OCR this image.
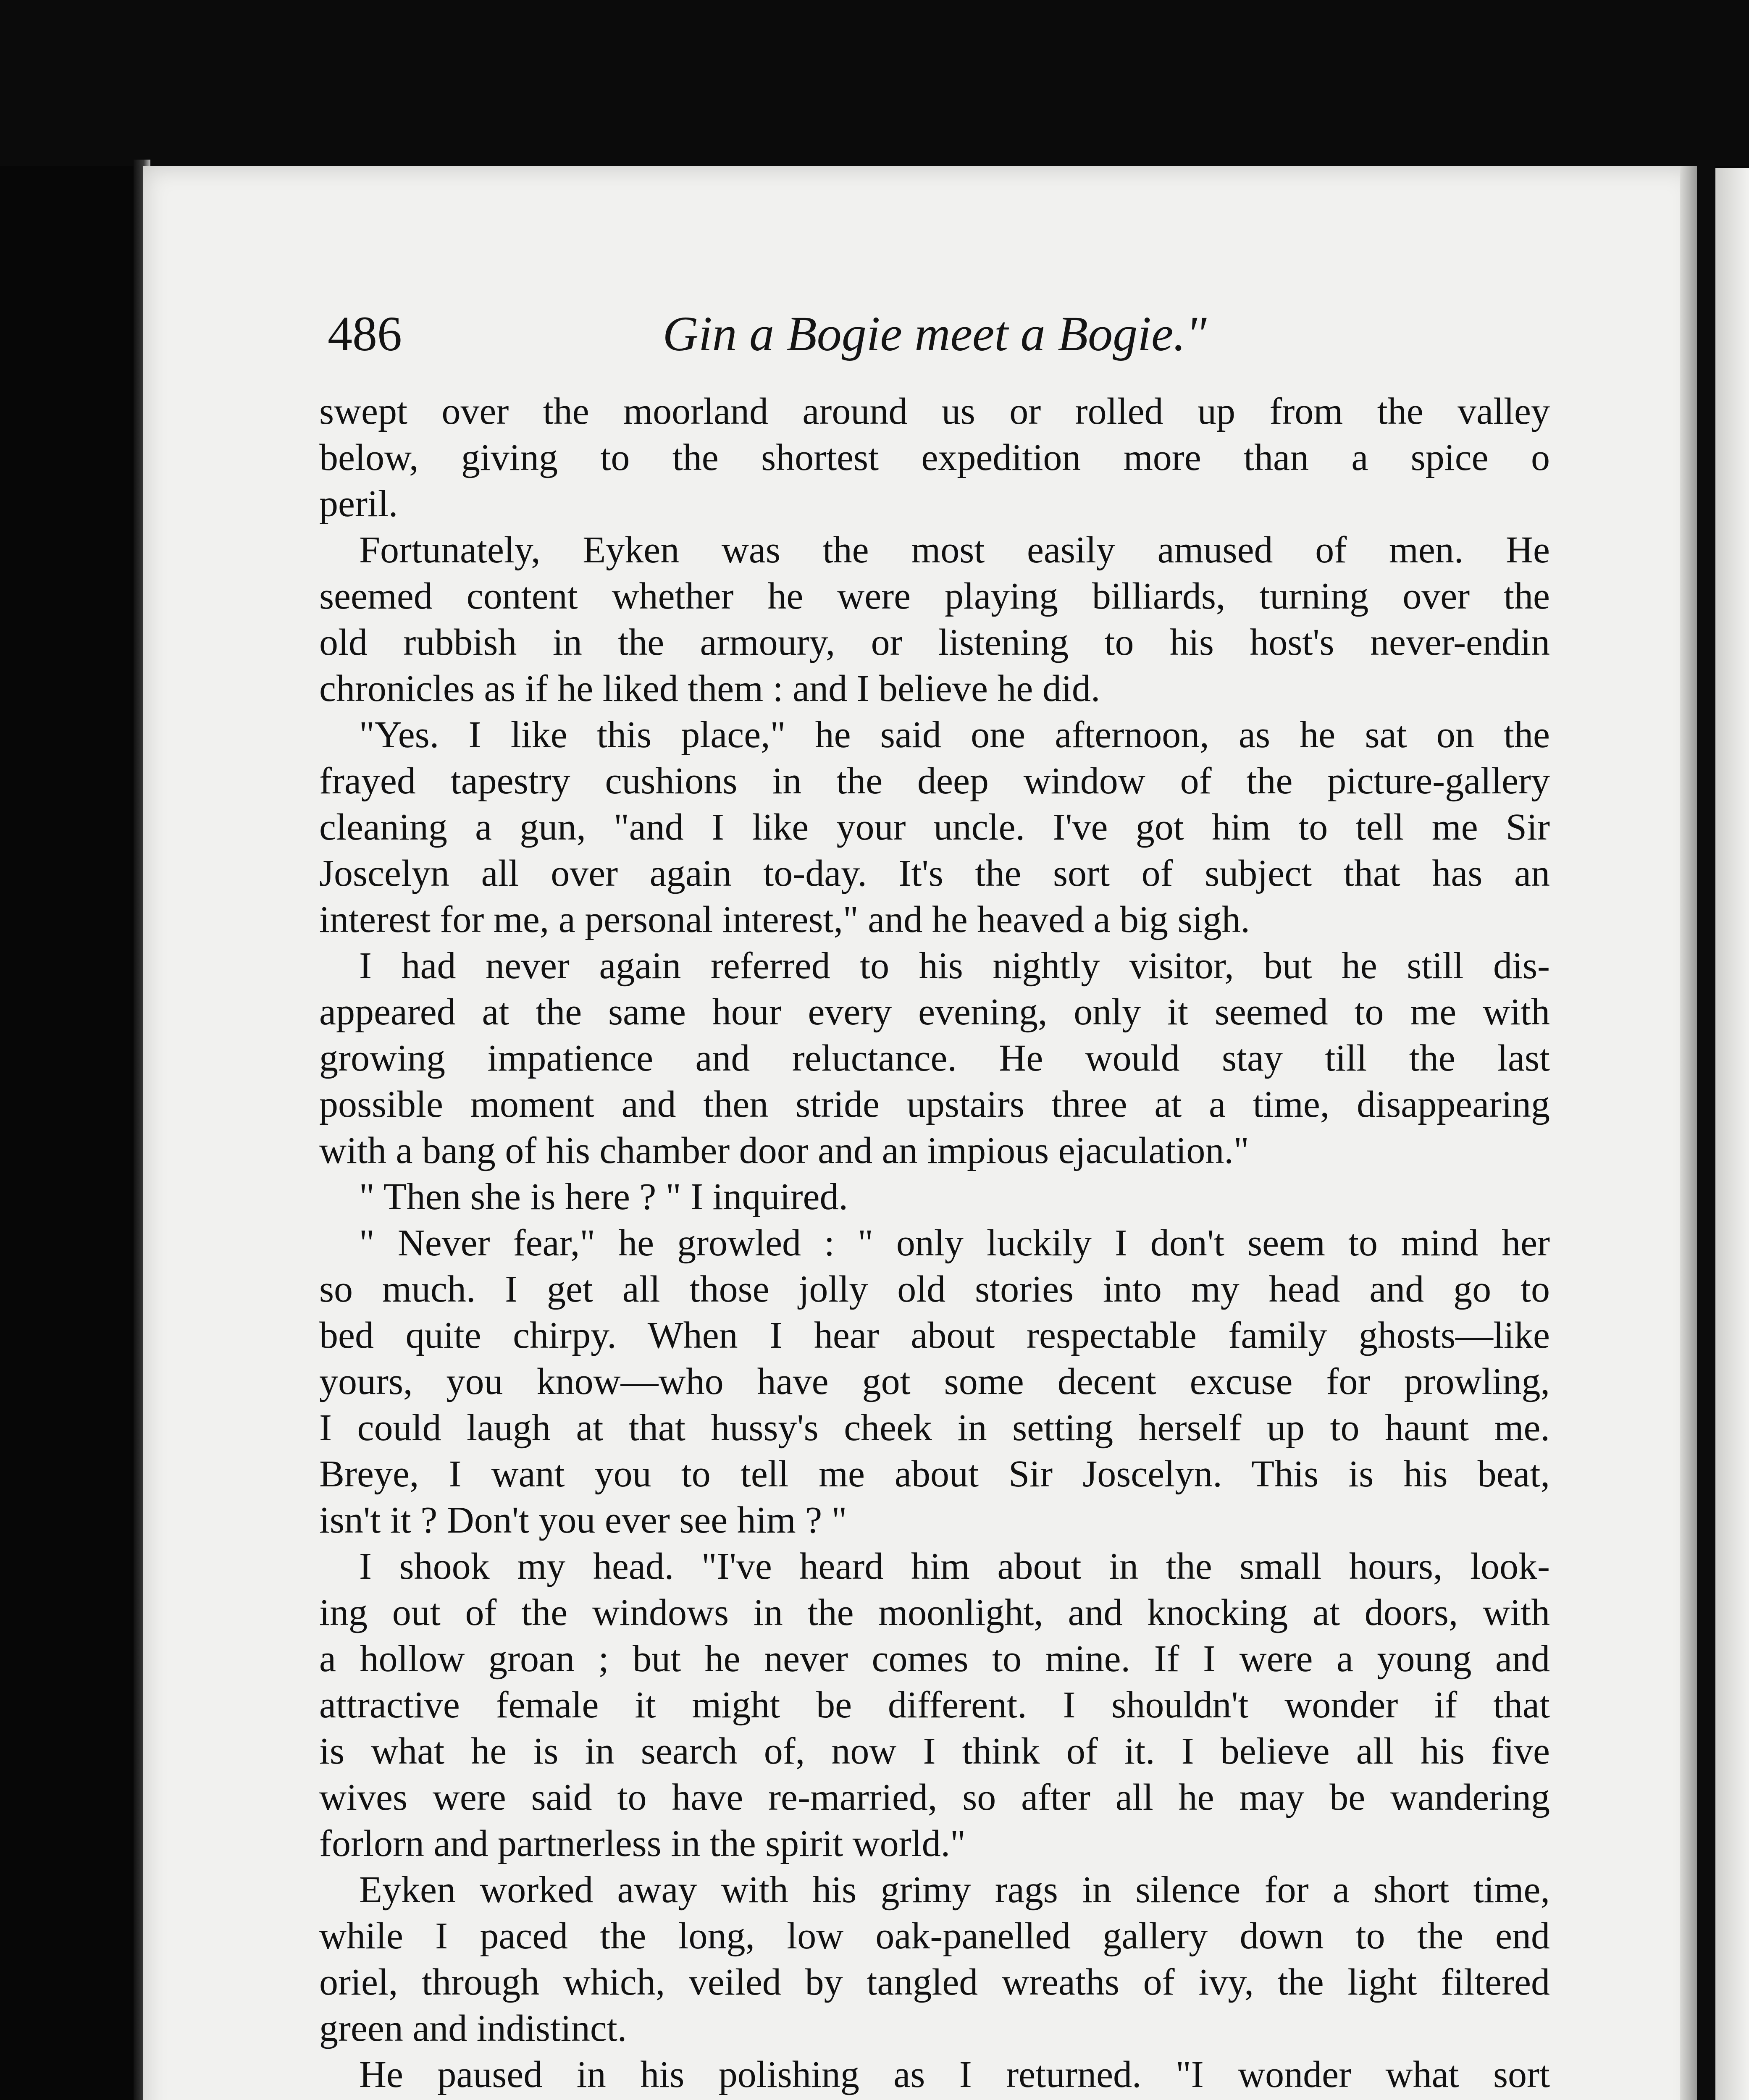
486	Gin a Bogie meet a Bogie."
swept over the moorland around us or rolled up from the valley
below, giving to the shortest expedition more than a spice o
peril.
Fortunately, Eyken was the most easily amused of men. He
seemed content whether he were playing billiards, turning over the
old rubbish in the armoury, or listening to his host's never-endin
chronicles as if he liked them : and I believe he did.
"Yes. I like this place," he said one afternoon, as he sat on the
frayed tapestry cushions in the deep window of the picture-gallery
cleaning a gun, "and I like your uncle. I've got him to tell me Sir
Joscelyn all over again to-day. It's the sort of subject that has an
interest for me, a personal interest," and he heaved a big sigh.
I had never again referred to his nightly visitor, but he still dis-
appeared at the same hour every evening, only it seemed to me with
growing impatience and reluctance. He would stay till the last
possible moment and then stride upstairs three at a time, disappearing
with a bang of his chamber door and an impious ejaculation."
" Then she is here ? " I inquired.
" Never fear," he growled : " only luckily I don't seem to mind her
so much. I get all those jolly old stories into my head and go to
bed quite chirpy. When I hear about respectable family ghosts—like
yours, you know—who have got some decent excuse for prowling,
I could laugh at that hussy's cheek in setting herself up to haunt me.
Breye, I want you to tell me about Sir Joscelyn. This is his beat,
isn't it ? Don't you ever see him ? "
I shook my head. "I've heard him about in the small hours, look-
ing out of the windows in the moonlight, and knocking at doors, with
a hollow groan ; but he never comes to mine. If I were a young and
attractive female it might be different. I shouldn't wonder if that
is what he is in search of, now I think of it. I believe all his five
wives were said to have re-married, so after all he may be wandering
forlorn and partnerless in the spirit world."
Eyken worked away with his grimy rags in silence for a short time,
while I paced the long, low oak-panelled gallery down to the end
oriel, through which, veiled by tangled wreaths of ivy, the light filtered
green and indistinct.
He paused in his polishing as I returned. "I wonder what sort
